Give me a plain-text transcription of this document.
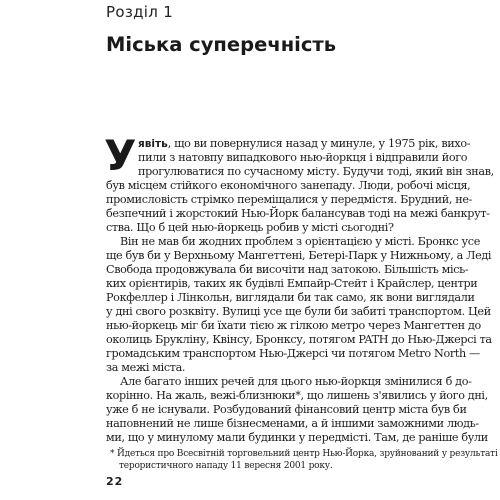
Розділ 1
Міська суперечність
У явіть, що ви повернулися назад у минуле, у 1975 рік, вихо-
пили з натовпу випадкового нью-йоркця і відправили його
прогулюватися по сучасному місту. Будучи тоді, який він знав,
був місцем стійкого економічного занепаду. Люди, робочі місця,
промисловість стрімко переміщалися у передмістя. Брудний, не-
безпечний і жорстокий Нью-Йорк балансував тоді на межі банкрут-
ства. Що б цей нью-йоркець робив у місті сьогодні?
Він не мав би жодних проблем з орієнтацією у місті. Бронкс усе
ще був би у Верхньому Мангеттені, Бетері-Парк у Нижньому, а Леді
Свобода продовжувала би височіти над затокою. Більшість місь-
ких орієнтирів, таких як будівлі Емпайр-Стейт і Крайслер, центри
Рокфеллер і Лінкольн, виглядали би так само, як вони виглядали
у дні свого розквіту. Вулиці усе ще були би забиті транспортом. Цей
нью-йоркець міг би їхати тією ж гілкою метро через Мангеттен до
околиць Брукліну, Квінсу, Бронксу, потягом PATH до Нью-Джерсі та
громадським транспортом Нью-Джерсі чи потягом Metro North —
за межі міста.
Але багато інших речей для цього нью-йоркця змінилися б до-
корінно. На жаль, вежі-близнюки*, що лишень з'явились у його дні,
уже б не існували. Розбудований фінансовий центр міста був би
наповнений не лише бізнесменами, а й іншими заможними людь-
ми, що у минулому мали будинки у передмісті. Там, де раніше були
* Йдеться про Всесвітній торговельний центр Нью-Йорка, зруйнований у результаті
терористичного нападу 11 вересня 2001 року.
22
